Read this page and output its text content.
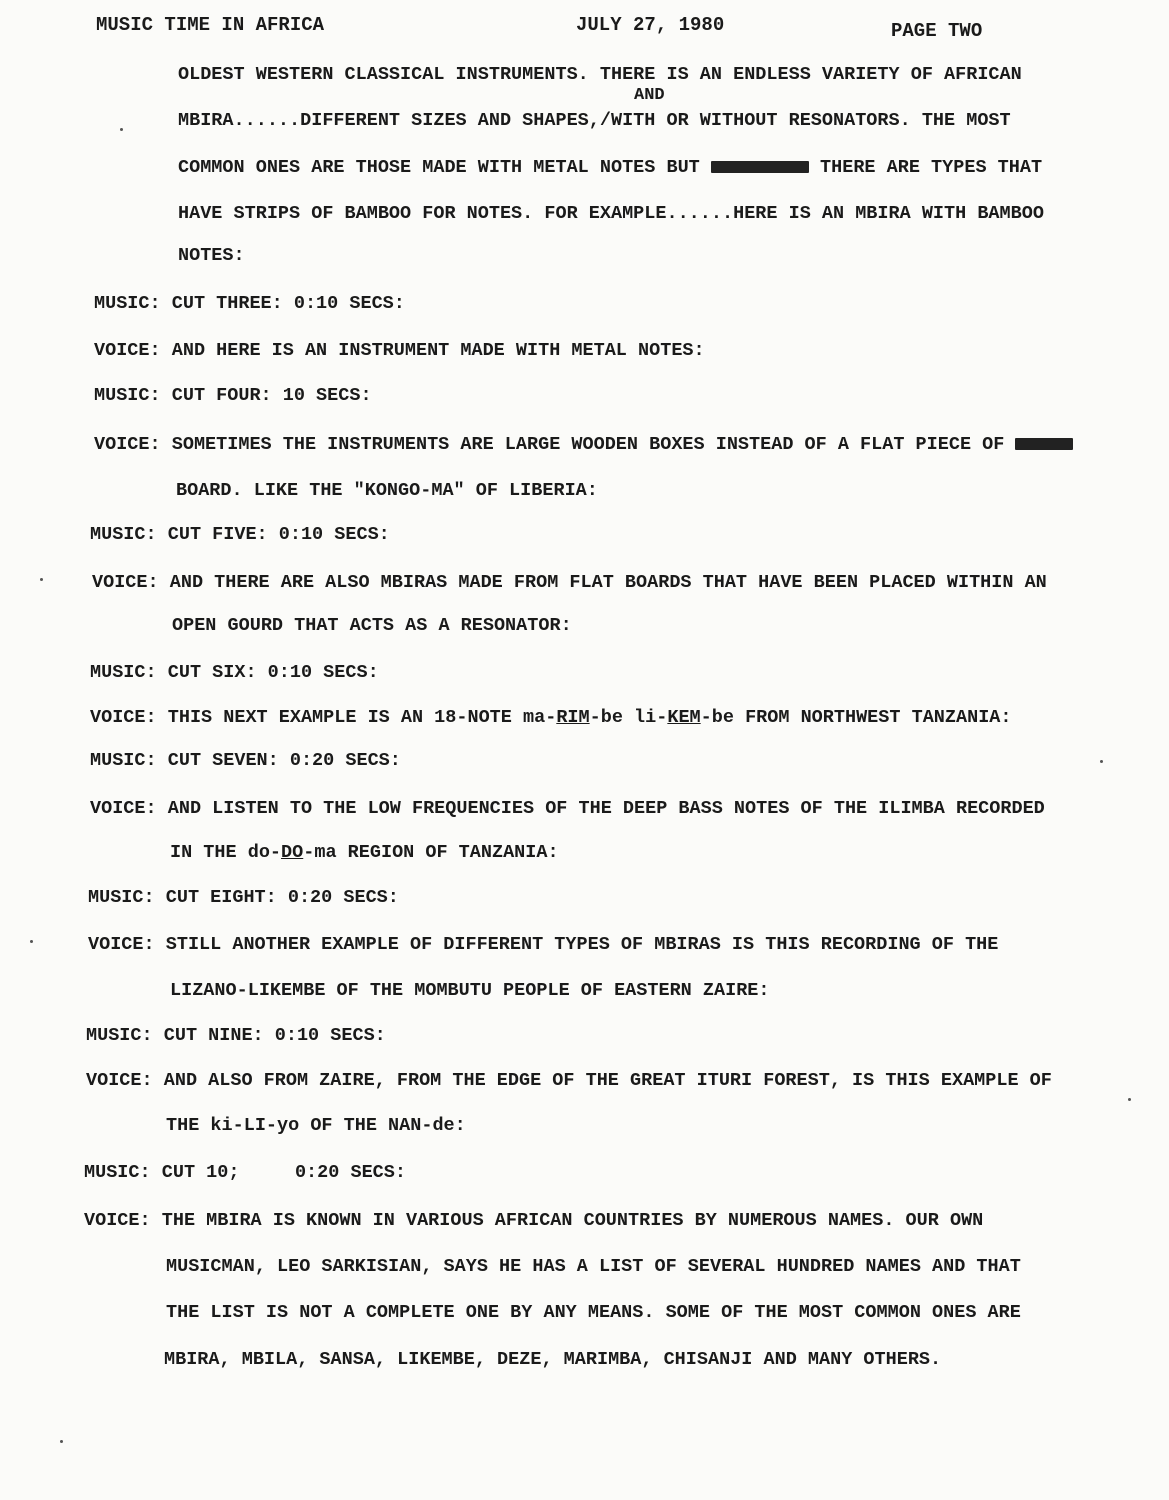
MUSIC TIME IN AFRICA	JULY 27, 1980	PAGE TWO
OLDEST WESTERN CLASSICAL INSTRUMENTS. THERE IS AN ENDLESS VARIETY OF AFRICAN
AND
MBIRA......DIFFERENT SIZES AND SHAPES,/WITH OR WITHOUT RESONATORS. THE MOST
COMMON ONES ARE THOSE MADE WITH METAL NOTES BUT	THERE ARE TYPES THAT
HAVE STRIPS OF BAMBOO FOR NOTES. FOR EXAMPLE......HERE IS AN MBIRA WITH BAMBOO
NOTES:
MUSIC: CUT THREE: 0:10 SECS:
VOICE: AND HERE IS AN INSTRUMENT MADE WITH METAL NOTES:
MUSIC: CUT FOUR: 10 SECS:
VOICE: SOMETIMES THE INSTRUMENTS ARE LARGE WOODEN BOXES INSTEAD OF A FLAT PIECE OF
BOARD. LIKE THE "KONGO-MA" OF LIBERIA:
MUSIC: CUT FIVE: 0:10 SECS:
VOICE: AND THERE ARE ALSO MBIRAS MADE FROM FLAT BOARDS THAT HAVE BEEN PLACED WITHIN AN
OPEN GOURD THAT ACTS AS A RESONATOR:
MUSIC: CUT SIX: 0:10 SECS:
VOICE: THIS NEXT EXAMPLE IS AN 18-NOTE ma-RIM-be li-KEM-be FROM NORTHWEST TANZANIA:
MUSIC: CUT SEVEN: 0:20 SECS:
VOICE: AND LISTEN TO THE LOW FREQUENCIES OF THE DEEP BASS NOTES OF THE ILIMBA RECORDED
IN THE do-DO-ma REGION OF TANZANIA:
MUSIC: CUT EIGHT: 0:20 SECS:
VOICE: STILL ANOTHER EXAMPLE OF DIFFERENT TYPES OF MBIRAS IS THIS RECORDING OF THE
LIZANO-LIKEMBE OF THE MOMBUTU PEOPLE OF EASTERN ZAIRE:
MUSIC: CUT NINE: 0:10 SECS:
VOICE: AND ALSO FROM ZAIRE, FROM THE EDGE OF THE GREAT ITURI FOREST, IS THIS EXAMPLE OF
THE ki-LI-yo OF THE NAN-de:
MUSIC: CUT 10;     0:20 SECS:
VOICE: THE MBIRA IS KNOWN IN VARIOUS AFRICAN COUNTRIES BY NUMEROUS NAMES. OUR OWN
MUSICMAN, LEO SARKISIAN, SAYS HE HAS A LIST OF SEVERAL HUNDRED NAMES AND THAT
THE LIST IS NOT A COMPLETE ONE BY ANY MEANS. SOME OF THE MOST COMMON ONES ARE
MBIRA, MBILA, SANSA, LIKEMBE, DEZE, MARIMBA, CHISANJI AND MANY OTHERS.
